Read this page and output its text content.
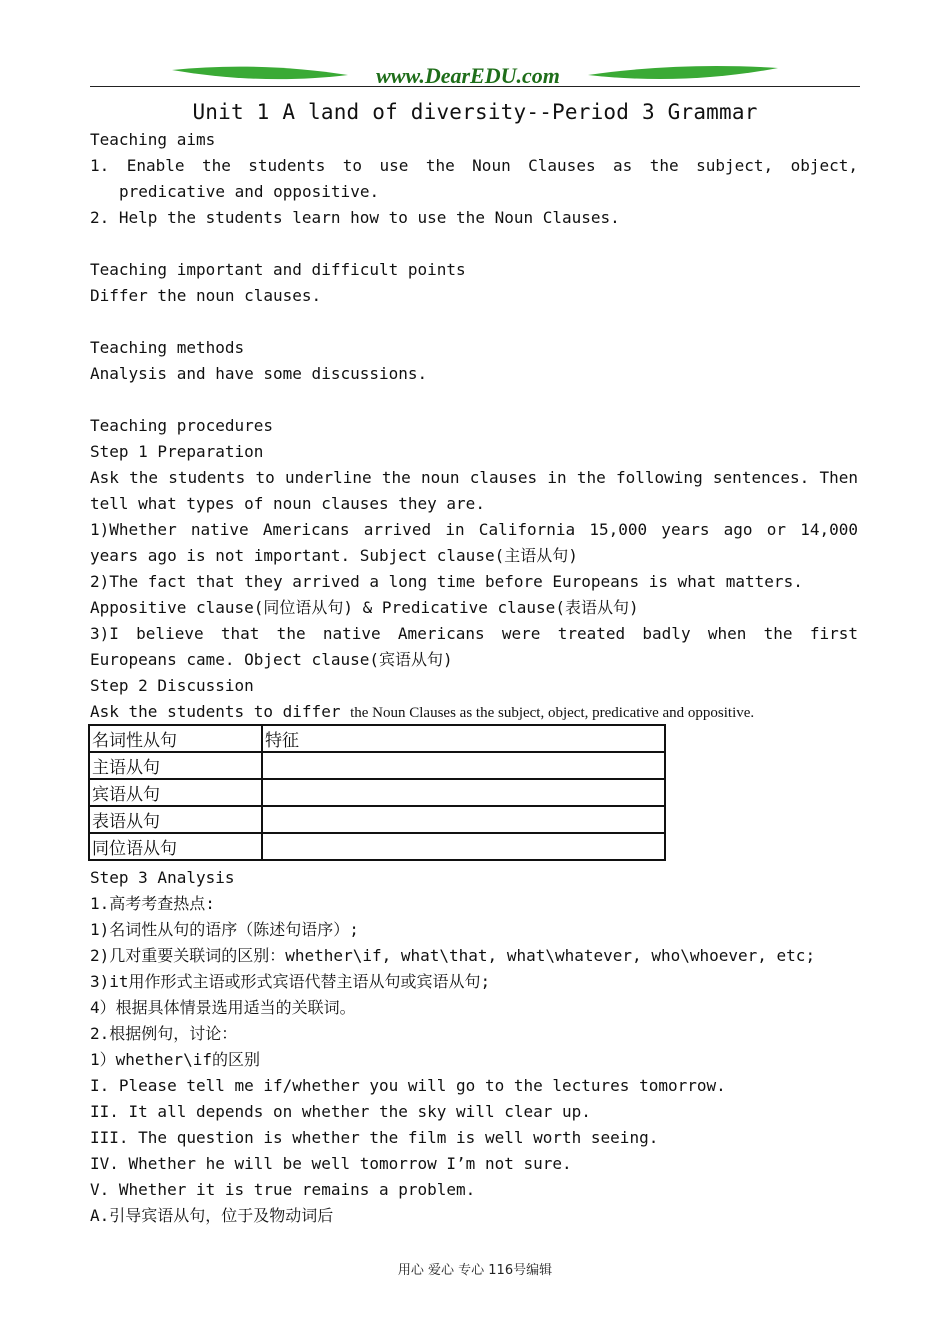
www.DearEDU.com
Unit 1 A land of diversity--Period 3 Grammar
Teaching aims
1. Enable the students to use the Noun Clauses as the subject, object,
predicative and oppositive.
2. Help the students learn how to use the Noun Clauses.
Teaching important and difficult points
Differ the noun clauses.
Teaching methods
Analysis and have some discussions.
Teaching procedures
Step 1 Preparation
Ask the students to underline the noun clauses in the following sentences. Then
tell what types of noun clauses they are.
1)Whether native Americans arrived in California 15,000 years ago or 14,000
years ago is not important. Subject clause(主语从句)
2)The fact that they arrived a long time before Europeans is what matters.
Appositive clause(同位语从句) & Predicative clause(表语从句)
3)I believe that the native Americans were treated badly when the first
Europeans came. Object clause(宾语从句)
Step 2 Discussion
Ask the students to differ the Noun Clauses as the subject, object, predicative and oppositive.
名词性从句	特征
主语从句	
宾语从句	
表语从句	
同位语从句	
Step 3 Analysis
1.高考考查热点:
1)名词性从句的语序（陈述句语序）;
2)几对重要关联词的区别：whether\if, what\that, what\whatever, who\whoever, etc;
3)it用作形式主语或形式宾语代替主语从句或宾语从句;
4）根据具体情景选用适当的关联词。
2.根据例句，讨论：
1）whether\if的区别
I. Please tell me if/whether you will go to the lectures tomorrow.
II. It all depends on whether the sky will clear up.
III. The question is whether the film is well worth seeing.
IV. Whether he will be well tomorrow I’m not sure.
V. Whether it is true remains a problem.
A.引导宾语从句，位于及物动词后
用心 爱心 专心 116号编辑
